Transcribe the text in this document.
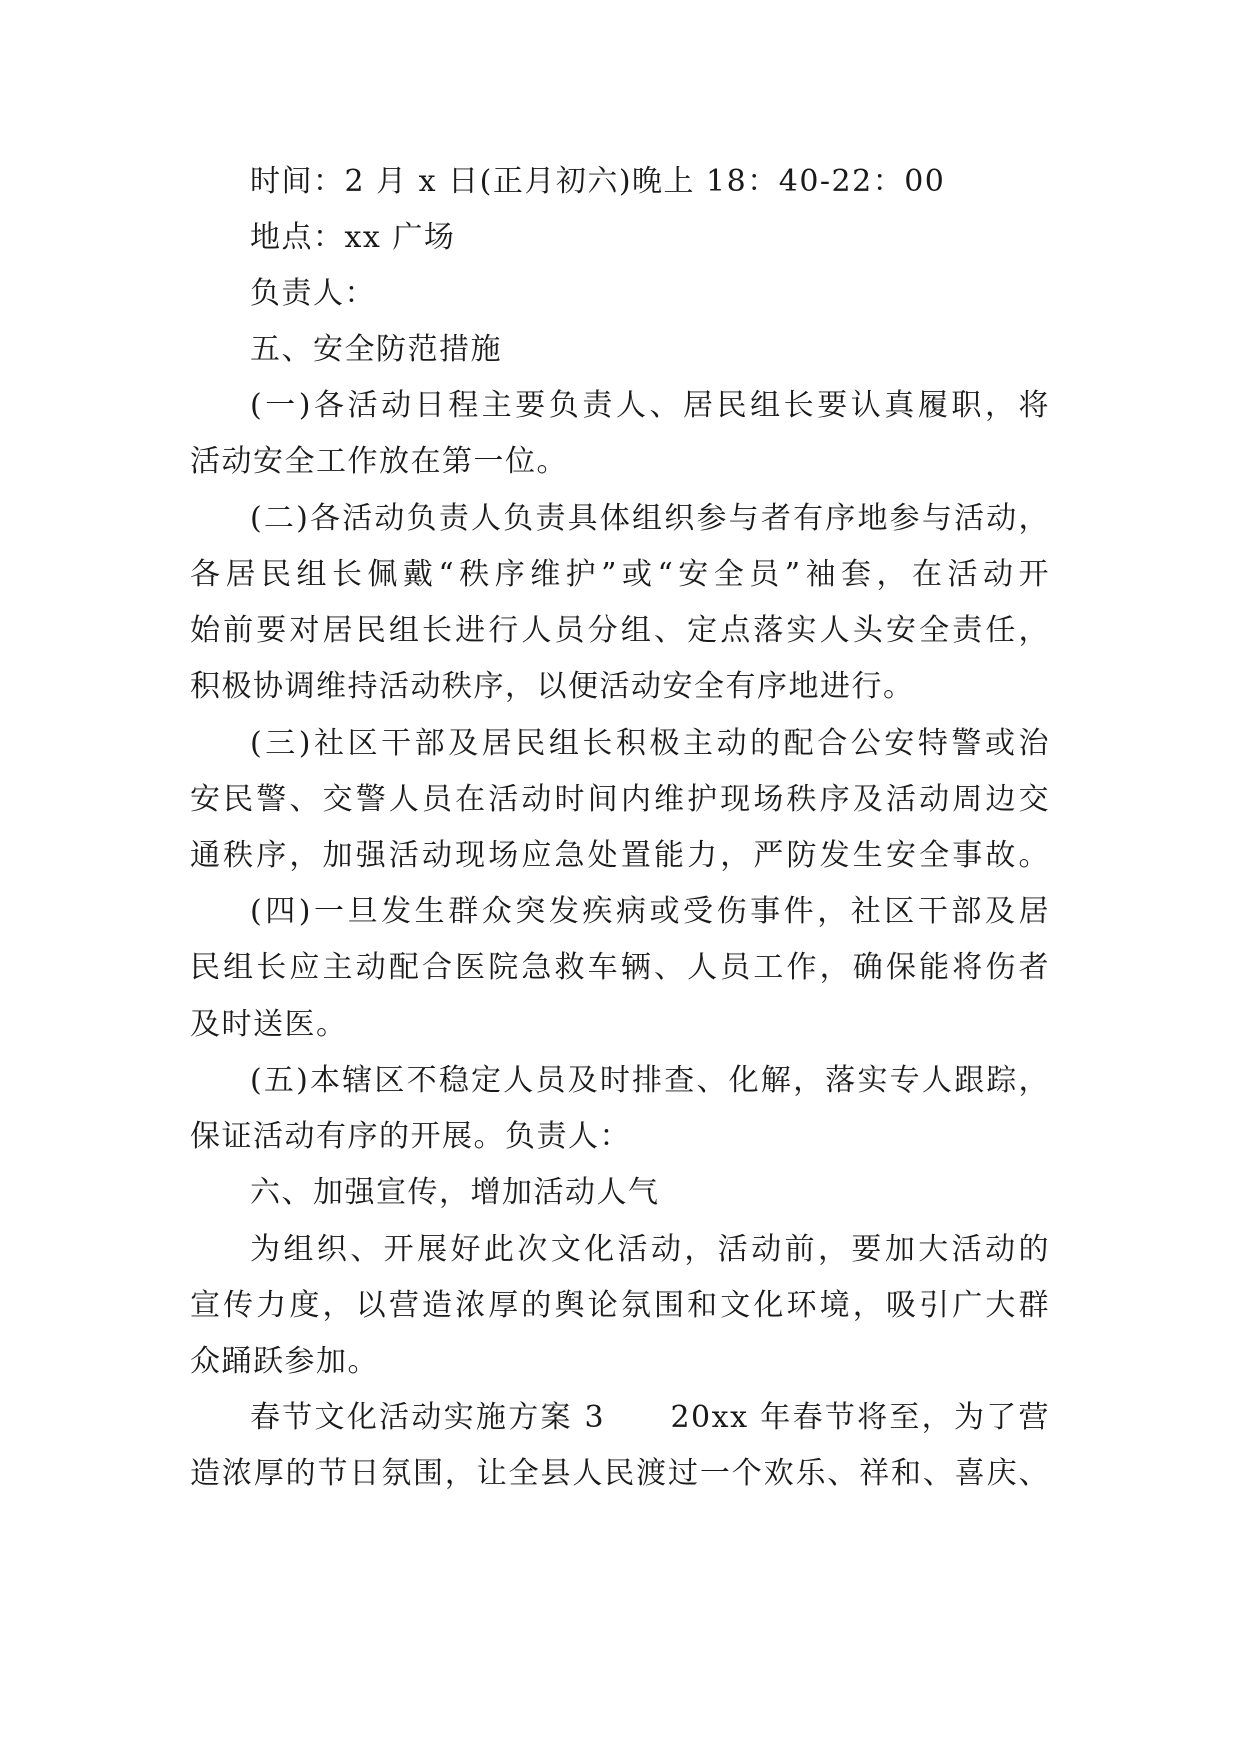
时间：2 月 x 日(正月初六)晚上 18：40-22：00
地点：xx 广场
负责人：
五、安全防范措施
(一)各活动日程主要负责人、居民组长要认真履职，将
活动安全工作放在第一位。
(二)各活动负责人负责具体组织参与者有序地参与活动，
各居民组长佩戴“秩序维护”或“安全员”袖套，在活动开
始前要对居民组长进行人员分组、定点落实人头安全责任，
积极协调维持活动秩序，以便活动安全有序地进行。
(三)社区干部及居民组长积极主动的配合公安特警或治
安民警、交警人员在活动时间内维护现场秩序及活动周边交
通秩序，加强活动现场应急处置能力，严防发生安全事故。
(四)一旦发生群众突发疾病或受伤事件，社区干部及居
民组长应主动配合医院急救车辆、人员工作，确保能将伤者
及时送医。
(五)本辖区不稳定人员及时排查、化解，落实专人跟踪，
保证活动有序的开展。负责人：
六、加强宣传，增加活动人气
为组织、开展好此次文化活动，活动前，要加大活动的
宣传力度，以营造浓厚的舆论氛围和文化环境，吸引广大群
众踊跃参加。
春节文化活动实施方案 3　　20xx 年春节将至，为了营
造浓厚的节日氛围，让全县人民渡过一个欢乐、祥和、喜庆、
